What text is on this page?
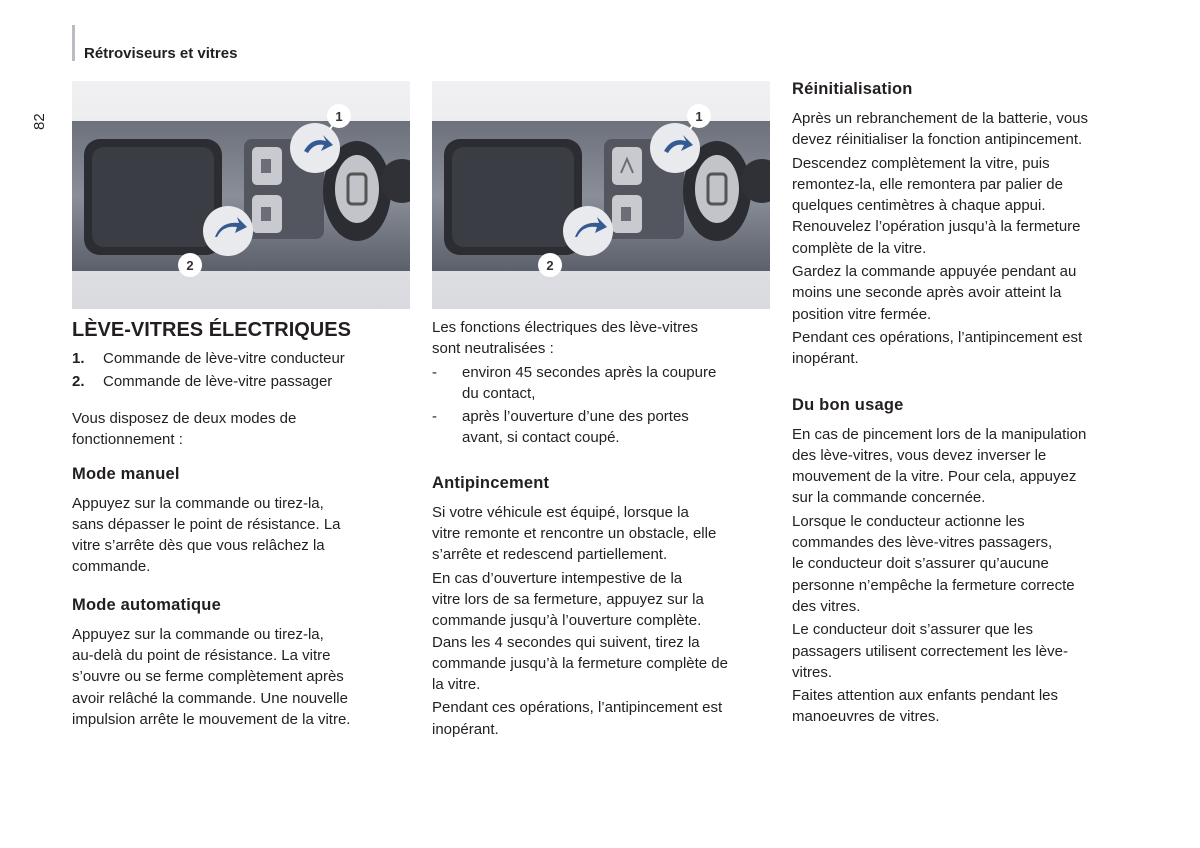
Rétroviseurs et vitres
82	1
2
1
2
LÈVE-VITRES ÉLECTRIQUES
1. Commande de lève-vitre conducteur
2. Commande de lève-vitre passager
Vous disposez de deux modes de
fonctionnement :
Mode manuel
Appuyez sur la commande ou tirez-la,
sans dépasser le point de résistance. La
vitre s’arrête dès que vous relâchez la
commande.
Mode automatique
Appuyez sur la commande ou tirez-la,
au-delà du point de résistance. La vitre
s’ouvre ou se ferme complètement après
avoir relâché la commande. Une nouvelle
impulsion arrête le mouvement de la vitre.
Les fonctions électriques des lève-vitres
sont neutralisées :
- environ 45 secondes après la coupure
du contact,
- après l’ouverture d’une des portes
avant, si contact coupé.
Antipincement
Si votre véhicule est équipé, lorsque la
vitre remonte et rencontre un obstacle, elle
s’arrête et redescend partiellement.
En cas d’ouverture intempestive de la
vitre lors de sa fermeture, appuyez sur la
commande jusqu’à l’ouverture complète.
Dans les 4 secondes qui suivent, tirez la
commande jusqu’à la fermeture complète de
la vitre.
Pendant ces opérations, l’antipincement est
inopérant.
Réinitialisation
Après un rebranchement de la batterie, vous
devez réinitialiser la fonction antipincement.
Descendez complètement la vitre, puis
remontez-la, elle remontera par palier de
quelques centimètres à chaque appui.
Renouvelez l’opération jusqu’à la fermeture
complète de la vitre.
Gardez la commande appuyée pendant au
moins une seconde après avoir atteint la
position vitre fermée.
Pendant ces opérations, l’antipincement est
inopérant.
Du bon usage
En cas de pincement lors de la manipulation
des lève-vitres, vous devez inverser le
mouvement de la vitre. Pour cela, appuyez
sur la commande concernée.
Lorsque le conducteur actionne les
commandes des lève-vitres passagers,
le conducteur doit s’assurer qu’aucune
personne n’empêche la fermeture correcte
des vitres.
Le conducteur doit s’assurer que les
passagers utilisent correctement les lève-
vitres.
Faites attention aux enfants pendant les
manoeuvres de vitres.
